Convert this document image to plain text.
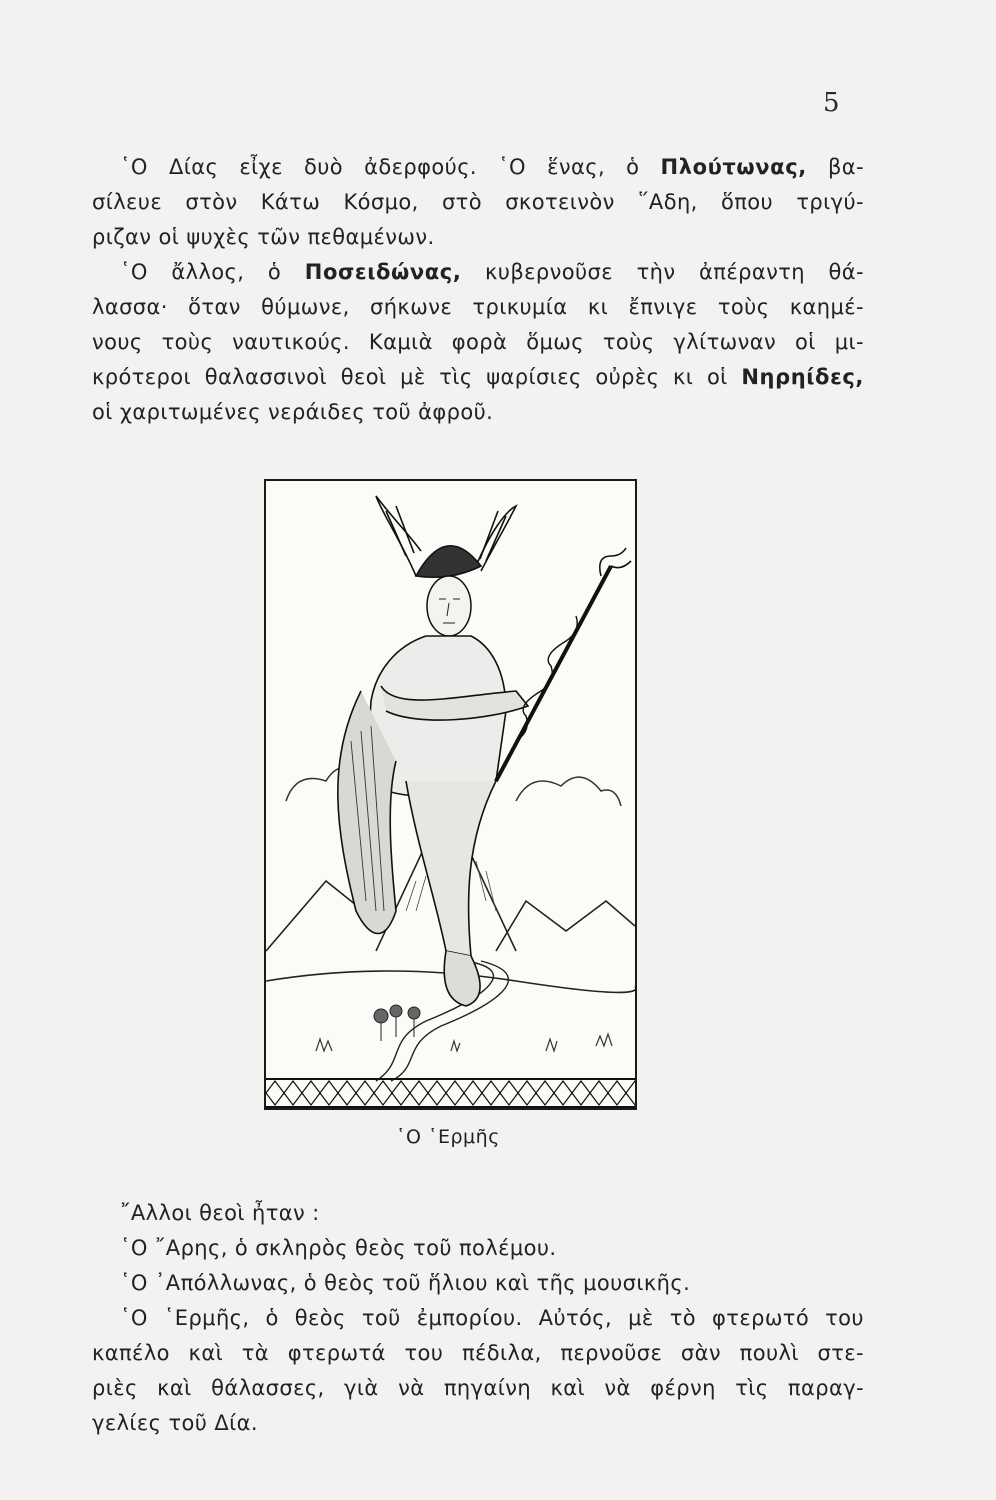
5
῾Ο Δίας εἶχε δυὸ ἀδερφούς. ῾Ο ἕνας, ὁ Πλούτωνας, βα-
σίλευε στὸν Κάτω Κόσμο, στὸ σκοτεινὸν ῞Αδη, ὅπου τριγύ-
ριζαν οἱ ψυχὲς τῶν πεθαμένων.
῾Ο ἄλλος, ὁ Ποσειδώνας, κυβερνοῦσε τὴν ἀπέραντη θά-
λασσα· ὅταν θύμωνε, σήκωνε τρικυμία κι ἔπνιγε τοὺς καημέ-
νους τοὺς ναυτικούς. Καμιὰ φορὰ ὅμως τοὺς γλίτωναν οἱ μι-
κρότεροι θαλασσινοὶ θεοὶ μὲ τὶς ψαρίσιες οὐρὲς κι οἱ Νηρηίδες,
οἱ χαριτωμένες νεράιδες τοῦ ἀφροῦ.
῾Ο ῾Ερμῆς
῎Αλλοι θεοὶ ἦταν :
῾Ο ῎Αρης, ὁ σκληρὸς θεὸς τοῦ πολέμου.
῾Ο ᾿Απόλλωνας, ὁ θεὸς τοῦ ἥλιου καὶ τῆς μουσικῆς.
῾Ο ῾Ερμῆς, ὁ θεὸς τοῦ ἐμπορίου. Αὐτός, μὲ τὸ φτερωτό του
καπέλο καὶ τὰ φτερωτά του πέδιλα, περνοῦσε σὰν πουλὶ στε-
ριὲς καὶ θάλασσες, γιὰ νὰ πηγαίνη καὶ νὰ φέρνη τὶς παραγ-
γελίες τοῦ Δία.
